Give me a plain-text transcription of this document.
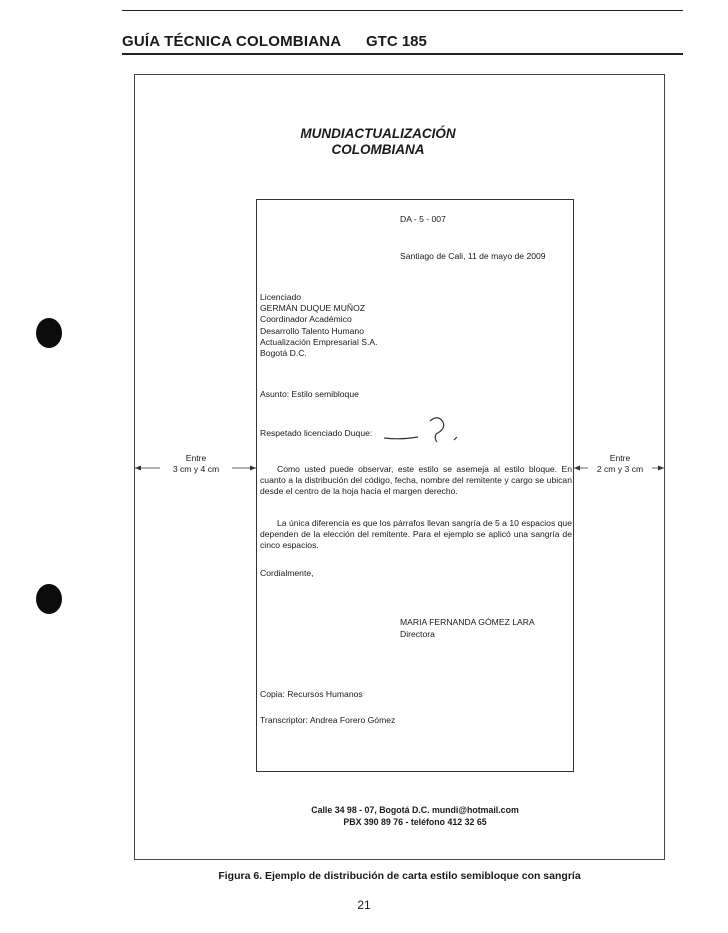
GUÍA TÉCNICA COLOMBIANA GTC 185
MUNDIACTUALIZACIÓN
COLOMBIANA
DA - 5 - 007
Santiago de Cali, 11 de mayo de 2009
Licenciado
GERMÁN DUQUE MUÑOZ
Coordinador Académico
Desarrollo Talento Humano
Actualización Empresarial S.A.
Bogotá D.C.
Asunto: Estilo semibloque
Respetado licenciado Duque:
Como usted puede observar, este estilo se asemeja al estilo bloque. En cuanto a la distribución del código, fecha, nombre del remitente y cargo se ubican desde el centro de la hoja hacia el margen derecho.
La única diferencia es que los párrafos llevan sangría de 5 a 10 espacios que dependen de la elección del remitente. Para el ejemplo se aplicó una sangría de cinco espacios.
Cordialmente,
MARIA FERNANDA GÓMEZ LARA
Directora
Copia: Recursos Humanos
Transcriptor: Andrea Forero Gómez
Calle 34 98 - 07, Bogotá D.C. mundi@hotmail.com
PBX 390 89 76 - teléfono 412 32 65
Entre
3 cm y 4 cm
Entre
2 cm y 3 cm
Figura 6. Ejemplo de distribución de carta estilo semibloque con sangría
21
